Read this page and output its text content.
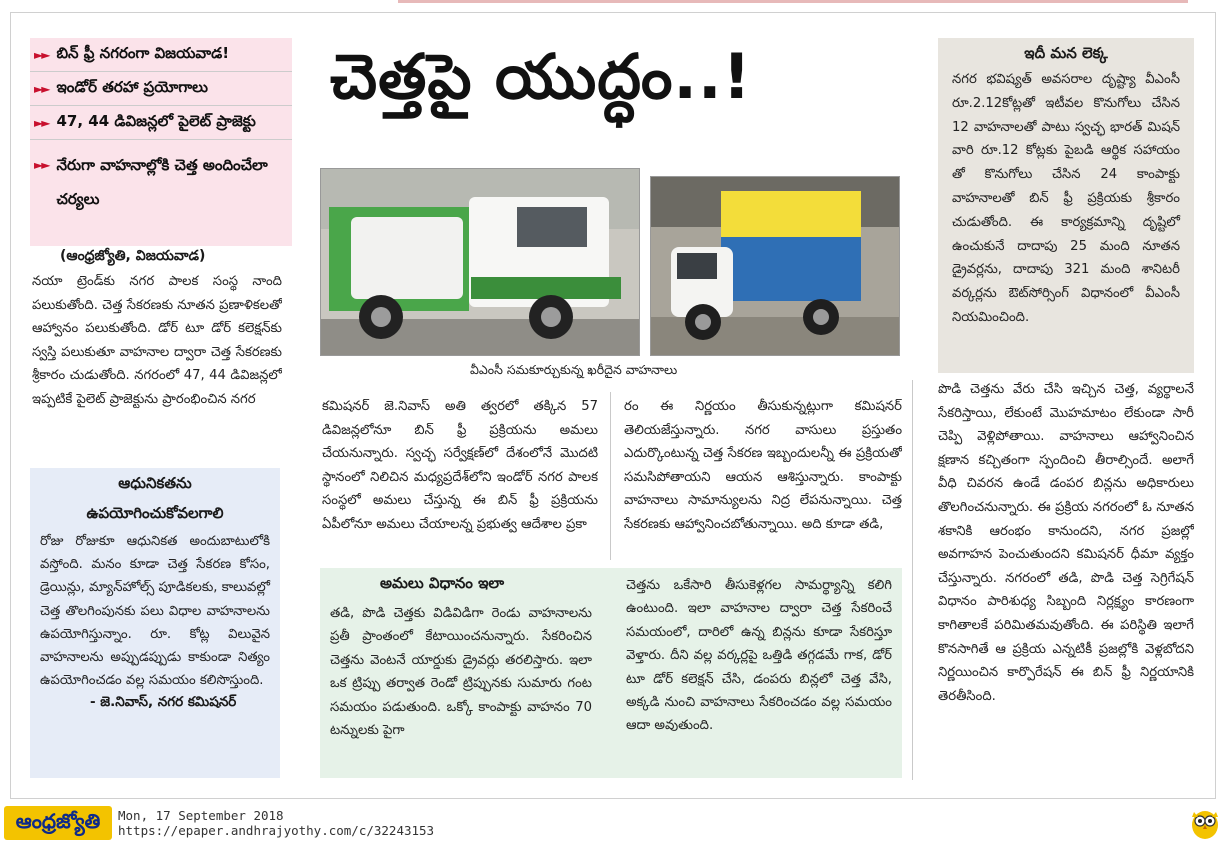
►► బిన్ ఫ్రీ నగరంగా విజయవాడ!
►► ఇండోర్ తరహా ప్రయోగాలు
►► 47, 44 డివిజన్లలో పైలెట్ ప్రాజెక్టు
►► నేరుగా వాహనాల్లోకి చెత్త అందించేలా చర్యలు
(ఆంధ్రజ్యోతి, విజయవాడ)
నయా ట్రెండ్‌కు నగర పాలక సంస్థ నాంది పలుకుతోంది. చెత్త సేకరణకు నూతన ప్రణాళికలతో ఆహ్వానం పలుకుతోంది. డోర్ టూ డోర్ కలెక్షన్‌కు స్వస్తి పలుకుతూ వాహనాల ద్వారా చెత్త సేకరణకు శ్రీకారం చుడుతోంది. నగరంలో 47, 44 డివిజన్లలో ఇప్పటికే పైలెట్ ప్రాజెక్టును ప్రారంభించిన నగర
చెత్తపై యుద్ధం..!
వీఎంసీ సమకూర్చుకున్న ఖరీదైన వాహనాలు
ఇదీ మన లెక్క
నగర భవిష్యత్ అవసరాల దృష్ట్యా వీఎంసీ రూ.2.12కోట్లతో ఇటీవల కొనుగోలు చేసిన 12 వాహనాలతో పాటు స్వచ్ఛ భారత్ మిషన్ వారి రూ.12 కోట్లకు పైబడి ఆర్థిక సహాయం తో కొనుగోలు చేసిన 24 కాంపాక్టు వాహనాలతో బిన్ ఫ్రీ ప్రక్రియకు శ్రీకారం చుడుతోంది. ఈ కార్యక్రమాన్ని దృష్టిలో ఉంచుకునే దాదాపు 25 మంది నూతన డ్రైవర్లను, దాదాపు 321 మంది శానిటరీ వర్కర్లను ఔట్‌సోర్సింగ్ విధానంలో వీఎంసీ నియమించింది.
కమిషనర్ జె.నివాస్ అతి త్వరలో తక్కిన 57 డివిజన్లలోనూ బిన్ ఫ్రీ ప్రక్రియను అమలు చేయనున్నారు. స్వచ్ఛ సర్వేక్షణ్‌లో దేశంలోనే మొదటి స్థానంలో నిలిచిన మధ్యప్రదేశ్‌లోని ఇండోర్ నగర పాలక సంస్థలో అమలు చేస్తున్న ఈ బిన్ ఫ్రీ ప్రక్రియను ఏపీలోనూ అమలు చేయాలన్న ప్రభుత్వ ఆదేశాల ప్రకా
రం ఈ నిర్ణయం తీసుకున్నట్లుగా కమిషనర్ తెలియజేస్తున్నారు. నగర వాసులు ప్రస్తుతం ఎదుర్కొంటున్న చెత్త సేకరణ ఇబ్బందులన్నీ ఈ ప్రక్రియతో సమసిపోతాయని ఆయన ఆశిస్తున్నారు. కాంపాక్టు వాహనాలు సామాన్యులను నిద్ర లేపనున్నాయి. చెత్త సేకరణకు ఆహ్వానించబోతున్నాయి. అది కూడా తడి,
పొడి చెత్తను వేరు చేసి ఇచ్చిన చెత్త, వ్యర్థాలనే సేకరిస్తాయి, లేకుంటే మొహమాటం లేకుండా సారీ చెప్పి వెళ్లిపోతాయి. వాహనాలు ఆహ్వానించిన క్షణాన కచ్చితంగా స్పందించి తీరాల్సిందే. అలాగే వీధి చివరన ఉండే డంపర బిన్లను అధికారులు తొలగించనున్నారు. ఈ ప్రక్రియ నగరంలో ఓ నూతన శకానికి ఆరంభం కానుందని, నగర ప్రజల్లో అవగాహన పెంచుతుందని కమిషనర్ ధీమా వ్యక్తం చేస్తున్నారు. నగరంలో తడి, పొడి చెత్త సెగ్రిగేషన్ విధానం పారిశుధ్య సిబ్బంది నిర్లక్ష్యం కారణంగా కాగితాలకే పరిమితమవుతోంది. ఈ పరిస్థితి ఇలాగే కొనసాగితే ఆ ప్రక్రియ ఎన్నటికీ ప్రజల్లోకి వెళ్లబోదని నిర్ణయించిన కార్పొరేషన్ ఈ బిన్ ఫ్రీ నిర్ణయానికి తెరతీసింది.
ఆధునికతను
ఉపయోగించుకోవలగాలి
రోజు రోజుకూ ఆధునికత అందుబాటులోకి వస్తోంది. మనం కూడా చెత్త సేకరణ కోసం, డ్రెయిన్లు, మ్యాన్‌హోల్స్ పూడికలకు, కాలువల్లో చెత్త తొలగింపునకు పలు విధాల వాహనాలను ఉపయోగిస్తున్నాం. రూ. కోట్ల విలువైన వాహనాలను అప్పుడప్పుడు కాకుండా నిత్యం ఉపయోగించడం వల్ల సమయం కలిసొస్తుంది.
- జె.నివాస్, నగర కమిషనర్
అమలు విధానం ఇలా
తడి, పొడి చెత్తకు విడివిడిగా రెండు వాహనాలను ప్రతీ ప్రాంతంలో కేటాయించనున్నారు. సేకరించిన చెత్తను వెంటనే యార్డుకు డ్రైవర్లు తరలిస్తారు. ఇలా ఒక ట్రిప్పు తర్వాత రెండో ట్రిప్పునకు సుమారు గంట సమయం పడుతుంది. ఒక్కో కాంపాక్టు వాహనం 70 టన్నులకు పైగా
చెత్తను ఒకేసారి తీసుకెళ్లగల సామర్థ్యాన్ని కలిగి ఉంటుంది. ఇలా వాహనాల ద్వారా చెత్త సేకరించే సమయంలో, దారిలో ఉన్న బిన్లను కూడా సేకరిస్తూ వెళ్తారు. దీని వల్ల వర్కర్లపై ఒత్తిడి తగ్గడమే గాక, డోర్ టూ డోర్ కలెక్షన్ చేసి, డంపరు బిన్లలో చెత్త వేసి, అక్కడి నుంచి వాహనాలు సేకరించడం వల్ల సమయం ఆదా అవుతుంది.
ఆంధ్రజ్యోతి	Mon, 17 September 2018
https://epaper.andhrajyothy.com/c/32243153
